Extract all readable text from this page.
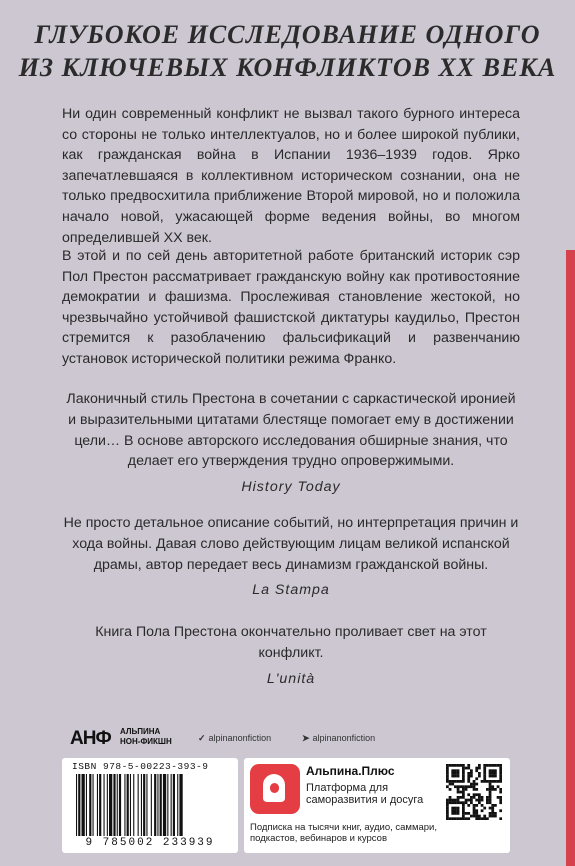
ГЛУБОКОЕ ИССЛЕДОВАНИЕ ОДНОГО
ИЗ КЛЮЧЕВЫХ КОНФЛИКТОВ XX ВЕКА
Ни один современный конфликт не вызвал такого бурного интереса со стороны не только интеллектуалов, но и более широкой публики, как гражданская война в Испании 1936–1939 годов. Ярко запечатлевшаяся в коллективном историческом сознании, она не только предвосхитила приближение Второй мировой, но и положила начало новой, ужасающей форме ведения войны, во многом определившей XX век.
В этой и по сей день авторитетной работе британский историк сэр Пол Престон рассматривает гражданскую войну как противостояние демократии и фашизма. Прослеживая становление жестокой, но чрезвычайно устойчивой фашистской диктатуры каудильо, Престон стремится к разоблачению фальсификаций и развенчанию установок исторической политики режима Франко.
Лаконичный стиль Престона в сочетании с саркастической иронией и выразительными цитатами блестяще помогает ему в достижении цели… В основе авторского исследования обширные знания, что делает его утверждения трудно опровержимыми.
History Today
Не просто детальное описание событий, но интерпретация причин и хода войны. Давая слово действующим лицам великой испанской драмы, автор передает весь динамизм гражданской войны.
La Stampa
Книга Пола Престона окончательно проливает свет на этот конфликт.
L'unità
АНФ АЛЬПИНА
НОН-ФИКШН	✓ alpinanonfiction	➤ alpinanonfiction
ISBN 978-5-00223-393-9
9 785002 233939
Альпина.Плюс
Платформа для саморазвития и досуга
Подписка на тысячи книг, аудио, саммари, подкастов, вебинаров и курсов
